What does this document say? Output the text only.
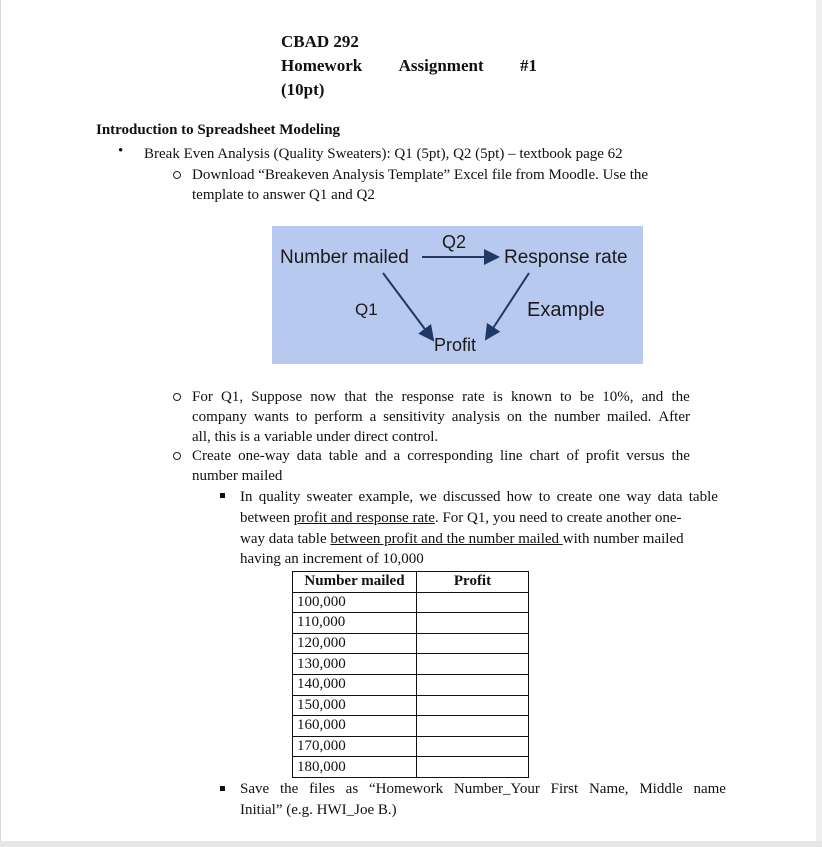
CBAD 292
Homework Assignment #1
(10pt)
Introduction to Spreadsheet Modeling
• Break Even Analysis (Quality Sweaters): Q1 (5pt), Q2 (5pt) – textbook page 62
Download “Breakeven Analysis Template” Excel file from Moodle. Use the
template to answer Q1 and Q2
Number mailed	Response rate
Q2
Q1	Example
Profit
For Q1, Suppose now that the response rate is known to be 10%, and the
company wants to perform a sensitivity analysis on the number mailed. After
all, this is a variable under direct control.
Create one-way data table and a corresponding line chart of profit versus the
number mailed
In quality sweater example, we discussed how to create one way data table
between profit and response rate. For Q1, you need to create another one-
way data table between profit and the number mailed with number mailed
having an increment of 10,000
Number mailed	Profit
100,000	
110,000	
120,000	
130,000	
140,000	
150,000	
160,000	
170,000	
180,000	
Save the files as “Homework Number_Your First Name, Middle name
Initial” (e.g. HWI_Joe B.)
